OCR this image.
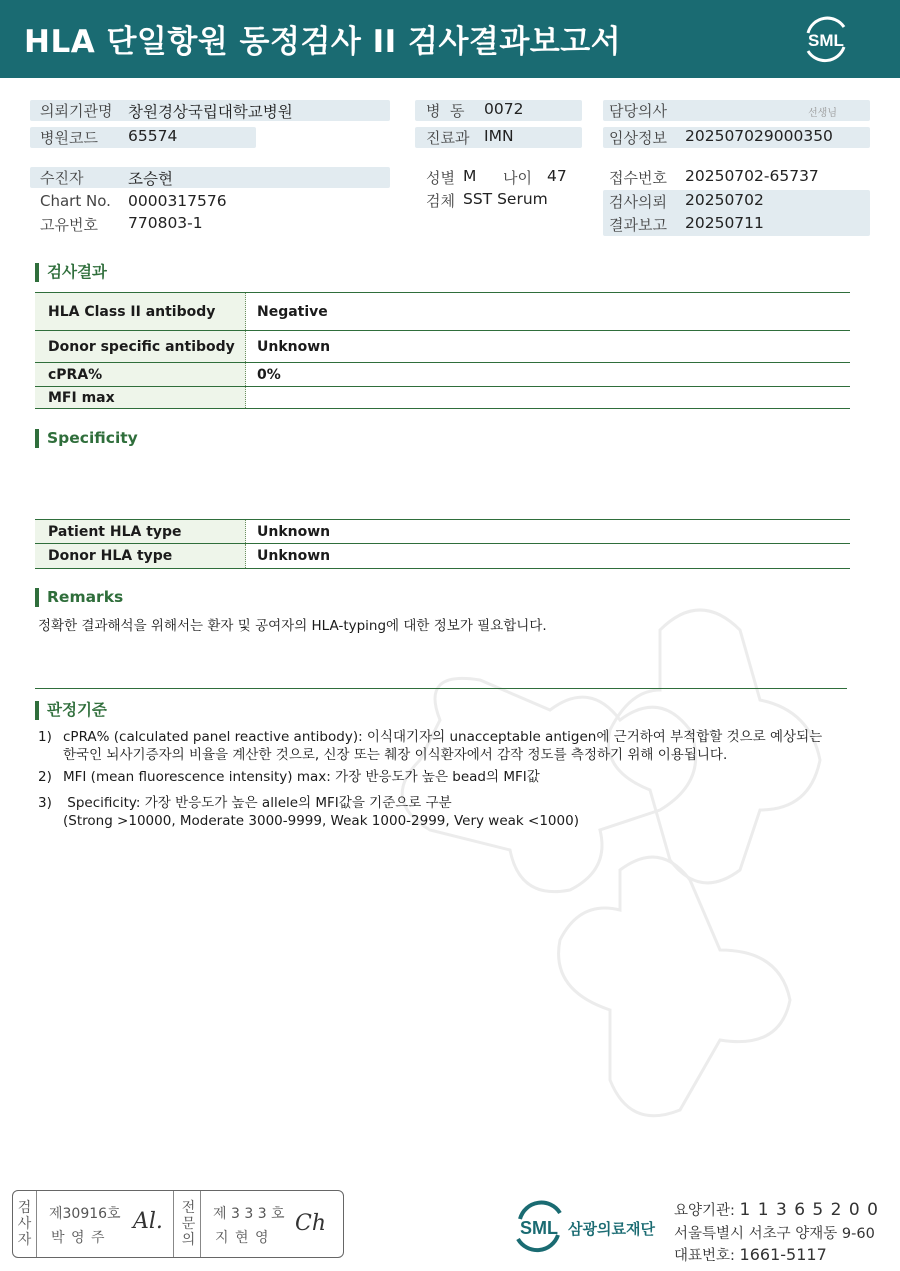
HLA 단일항원 동정검사 II 검사결과보고서	SML
의뢰기관명 창원경상국립대학교병원
병원코드 65574
병  동 0072
진료과 IMN
담당의사	선생님
임상정보 202507029000350
수진자	조승현
Chart No. 0000317576
고유번호 770803-1
성별 M 나이 47
검체 SST Serum
접수번호 20250702-65737
검사의뢰 20250702
결과보고 20250711
검사결과
HLA Class II antibody	Negative
Donor specific antibody	Unknown
cPRA%	0%
MFI max
Specificity
Patient HLA type	Unknown
Donor HLA type	Unknown
Remarks
정확한 결과해석을 위해서는 환자 및 공여자의 HLA-typing에 대한 정보가 필요합니다.
판정기준
1) cPRA% (calculated panel reactive antibody): 이식대기자의 unacceptable antigen에 근거하여 부적합할 것으로 예상되는
한국인 뇌사기증자의 비율을 계산한 것으로, 신장 또는 췌장 이식환자에서 감작 정도를 측정하기 위해 이용됩니다.
2) MFI (mean fluorescence intensity) max: 가장 반응도가 높은 bead의 MFI값
3) Specificity: 가장 반응도가 높은 allele의 MFI값을 기준으로 구분
(Strong >10000, Moderate 3000-9999, Weak 1000-2999, Very weak <1000)
검
사
자
제30916호
박 영 주
Al.
전
문
의
제 3 3 3 호
지 현 영
Ch	SML 삼광의료재단
요양기관: 1 1 3 6 5 2 0 0
서울특별시 서초구 양재동 9-60
대표번호: 1661-5117
